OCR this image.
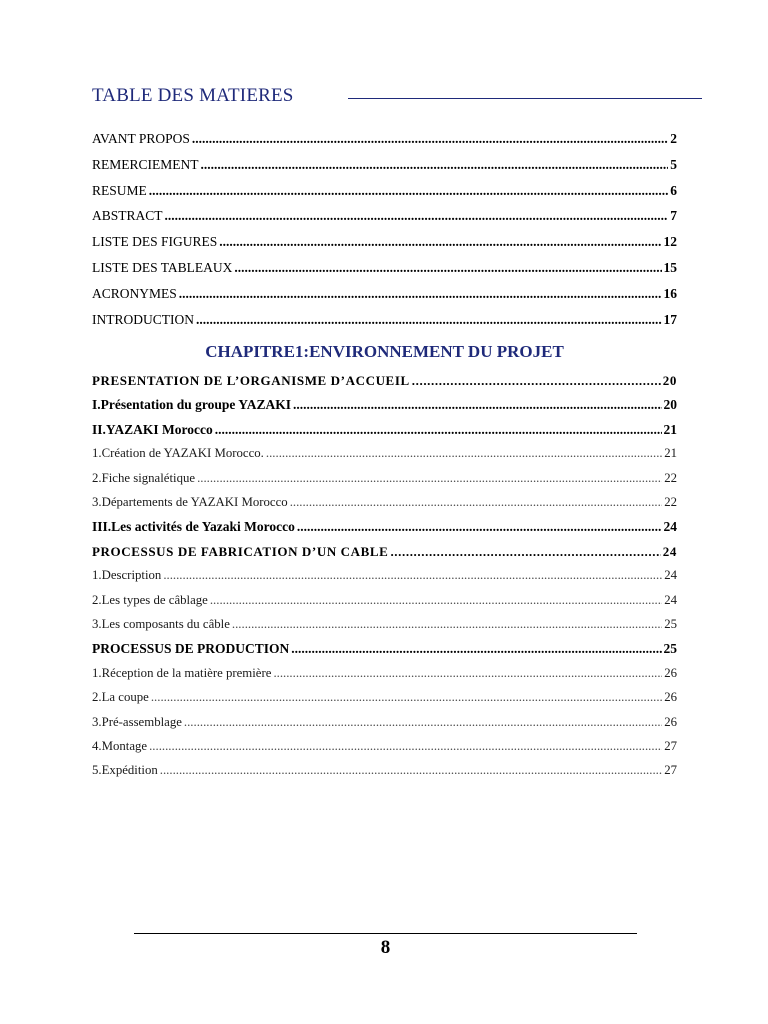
TABLE DES MATIERES
AVANT PROPOS .....	2
REMERCIEMENT .....	5
RESUME .....	6
ABSTRACT .....	7
LISTE DES FIGURES .....	12
LISTE DES TABLEAUX .....	15
ACRONYMES .....	16
INTRODUCTION .....	17
PRESENTATION DE L’ORGANISME D’ACCUEIL .....	20
I.Présentation du groupe YAZAKI .....	20
II.YAZAKI Morocco .....	21
1.Création de YAZAKI Morocco. .....	21
2.Fiche signalétique .....	22
3.Départements de YAZAKI Morocco .....	22
III.Les activités de Yazaki Morocco .....	24
PROCESSUS DE FABRICATION D’UN CABLE .....	24
1.Description .....	24
2.Les types de câblage .....	24
3.Les composants du câble .....	25
PROCESSUS DE PRODUCTION .....	25
1.Réception de la matière première .....	26
2.La coupe .....	26
3.Pré-assemblage .....	26
4.Montage .....	27
5.Expédition .....	27
CHAPITRE1:ENVIRONNEMENT DU PROJET
8
